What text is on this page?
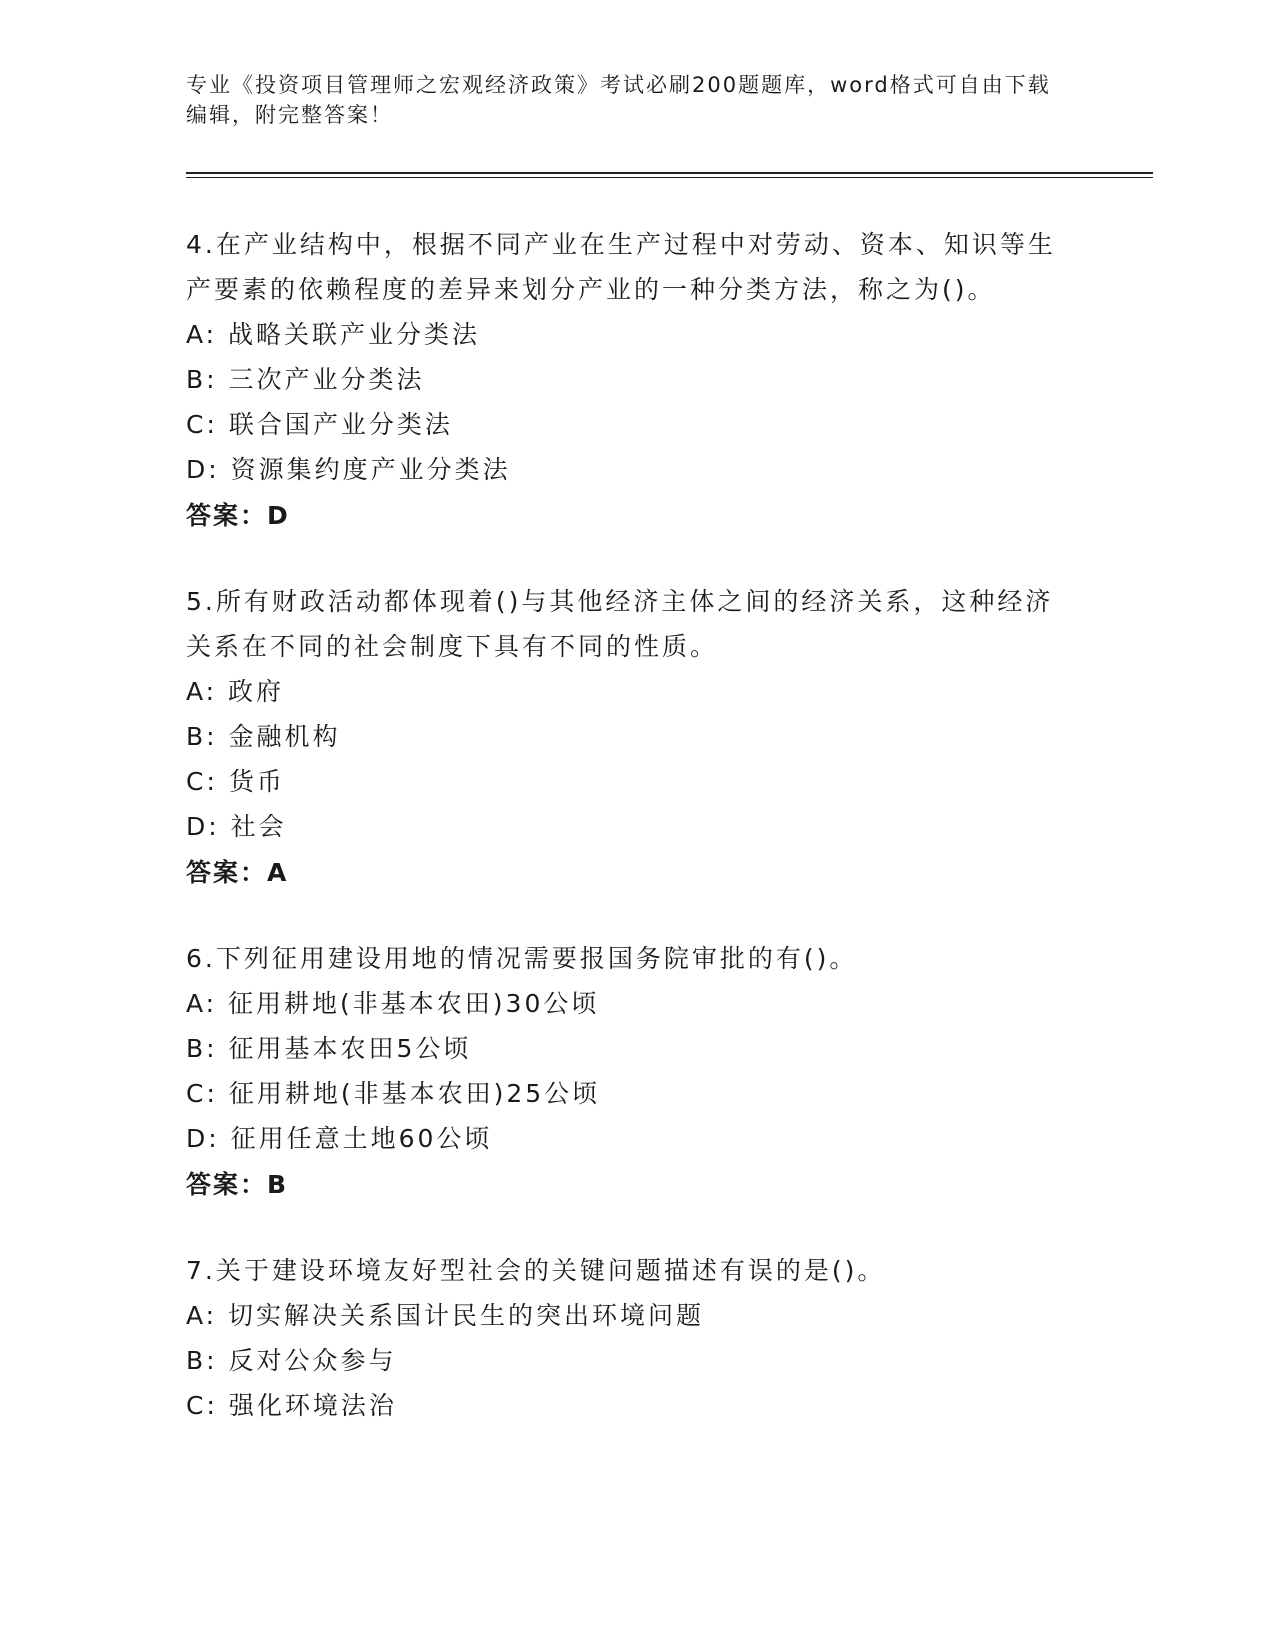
专业《投资项目管理师之宏观经济政策》考试必刷200题题库，word格式可自由下载编辑，附完整答案！
4.在产业结构中，根据不同产业在生产过程中对劳动、资本、知识等生产要素的依赖程度的差异来划分产业的一种分类方法，称之为()。
A: 战略关联产业分类法
B: 三次产业分类法
C: 联合国产业分类法
D: 资源集约度产业分类法
答案：D
5.所有财政活动都体现着()与其他经济主体之间的经济关系，这种经济关系在不同的社会制度下具有不同的性质。
A: 政府
B: 金融机构
C: 货币
D: 社会
答案：A
6.下列征用建设用地的情况需要报国务院审批的有()。
A: 征用耕地(非基本农田)30公顷
B: 征用基本农田5公顷
C: 征用耕地(非基本农田)25公顷
D: 征用任意土地60公顷
答案：B
7.关于建设环境友好型社会的关键问题描述有误的是()。
A: 切实解决关系国计民生的突出环境问题
B: 反对公众参与
C: 强化环境法治
